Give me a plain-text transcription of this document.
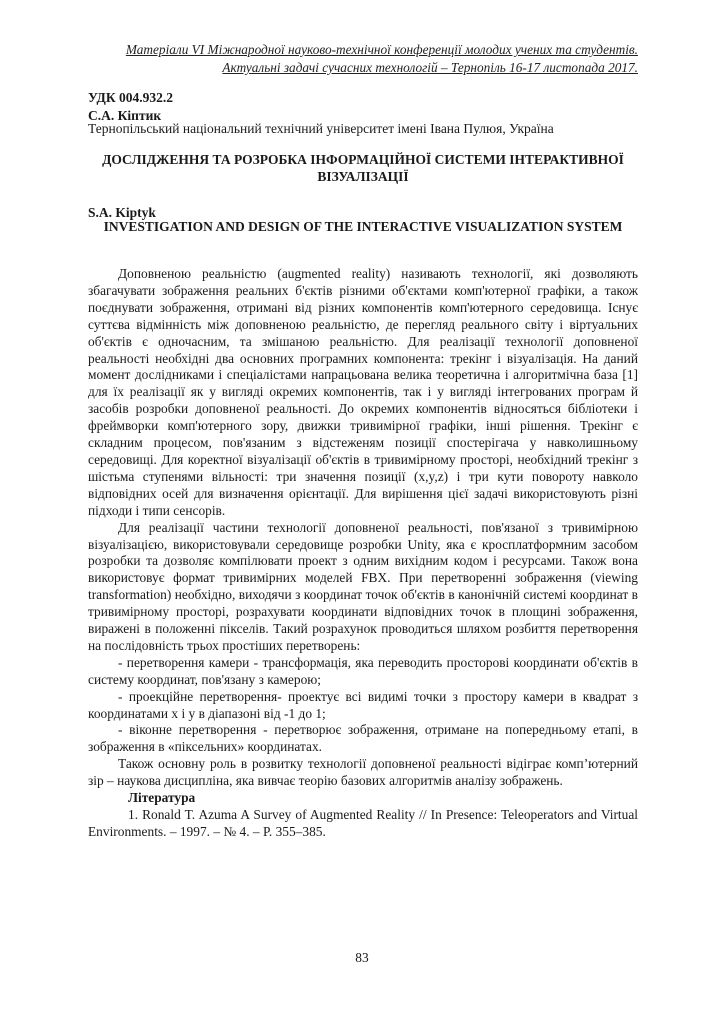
Матеріали VI Міжнародної науково-технічної конференції молодих учених та студентів.
Актуальні задачі сучасних технологій – Тернопіль 16-17 листопада 2017.
УДК 004.932.2
С.А. Кіптик
Тернопільський національний технічний університет імені Івана Пулюя, Україна
ДОСЛІДЖЕННЯ ТА РОЗРОБКА ІНФОРМАЦІЙНОЇ СИСТЕМИ ІНТЕРАКТИВНОЇ ВІЗУАЛІЗАЦІЇ
S.A. Kiptyk
INVESTIGATION AND DESIGN OF THE INTERACTIVE VISUALIZATION SYSTEM

Доповненою реальністю (augmented reality) називають технології, які дозволяють збагачувати зображення реальних б'єктів різними об'єктами комп'ютерної графіки, а також поєднувати зображення, отримані від різних компонентів комп'ютерного середовища. Існує суттєва відмінність між доповненою реальністю, де перегляд реального світу і віртуальних об'єктів є одночасним, та змішаною реальністю. Для реалізації технології доповненої реальності необхідні два основних програмних компонента: трекінг і візуалізація. На даний момент дослідниками і спеціалістами напрацьована велика теоретична і алгоритмічна база [1] для їх реалізації як у вигляді окремих компонентів, так і у вигляді інтегрованих програм й засобів розробки доповненої реальності. До окремих компонентів відносяться бібліотеки і фреймворки комп'ютерного зору, движки тривимірної графіки, інші рішення. Трекінг є складним процесом, пов'язаним з відстеженям позиції спостерігача у навколишньому середовищі. Для коректної візуалізації об'єктів в тривимірному просторі, необхідний трекінг з шістьма ступенями вільності: три значення позиції (x,y,z) і три кути повороту навколо відповідних осей для визначення орієнтації. Для вирішення цієї задачі використовують різні підходи і типи сенсорів.

Для реалізації частини технології доповненої реальності, пов'язаної з тривимірною візуалізацією, використовували середовище розробки Unity, яка є кросплатформним засобом розробки та дозволяє компілювати проект з одним вихідним кодом і ресурсами. Також вона використовує формат тривимірних моделей FBX. При перетворенні зображення (viewing transformation) необхідно, виходячи з координат точок об'єктів в канонічній системі координат в тривимірному просторі, розрахувати координати відповідних точок в площині зображення, виражені в положенні пікселів. Такий розрахунок проводиться шляхом розбиття перетворення на послідовність трьох простіших перетворень:

- перетворення камери - трансформація, яка переводить просторові координати об'єктів в систему координат, пов'язану з камерою;

- проекційне перетворення- проектує всі видимі точки з простору камери в квадрат з координатами x і y в діапазоні від -1 до 1;

- віконне перетворення - перетворює зображення, отримане на попередньому етапі, в зображення в «піксельних» координатах.

Також основну роль в розвитку технології доповненої реальності відіграє комп’ютерний зір – наукова дисципліна, яка вивчає теорію базових алгоритмів аналізу зображень.

Література

1. Ronald T. Azuma A Survey of Augmented Reality // In Presence: Teleoperators and Virtual Environments. – 1997. – № 4. – P. 355–385.

83
